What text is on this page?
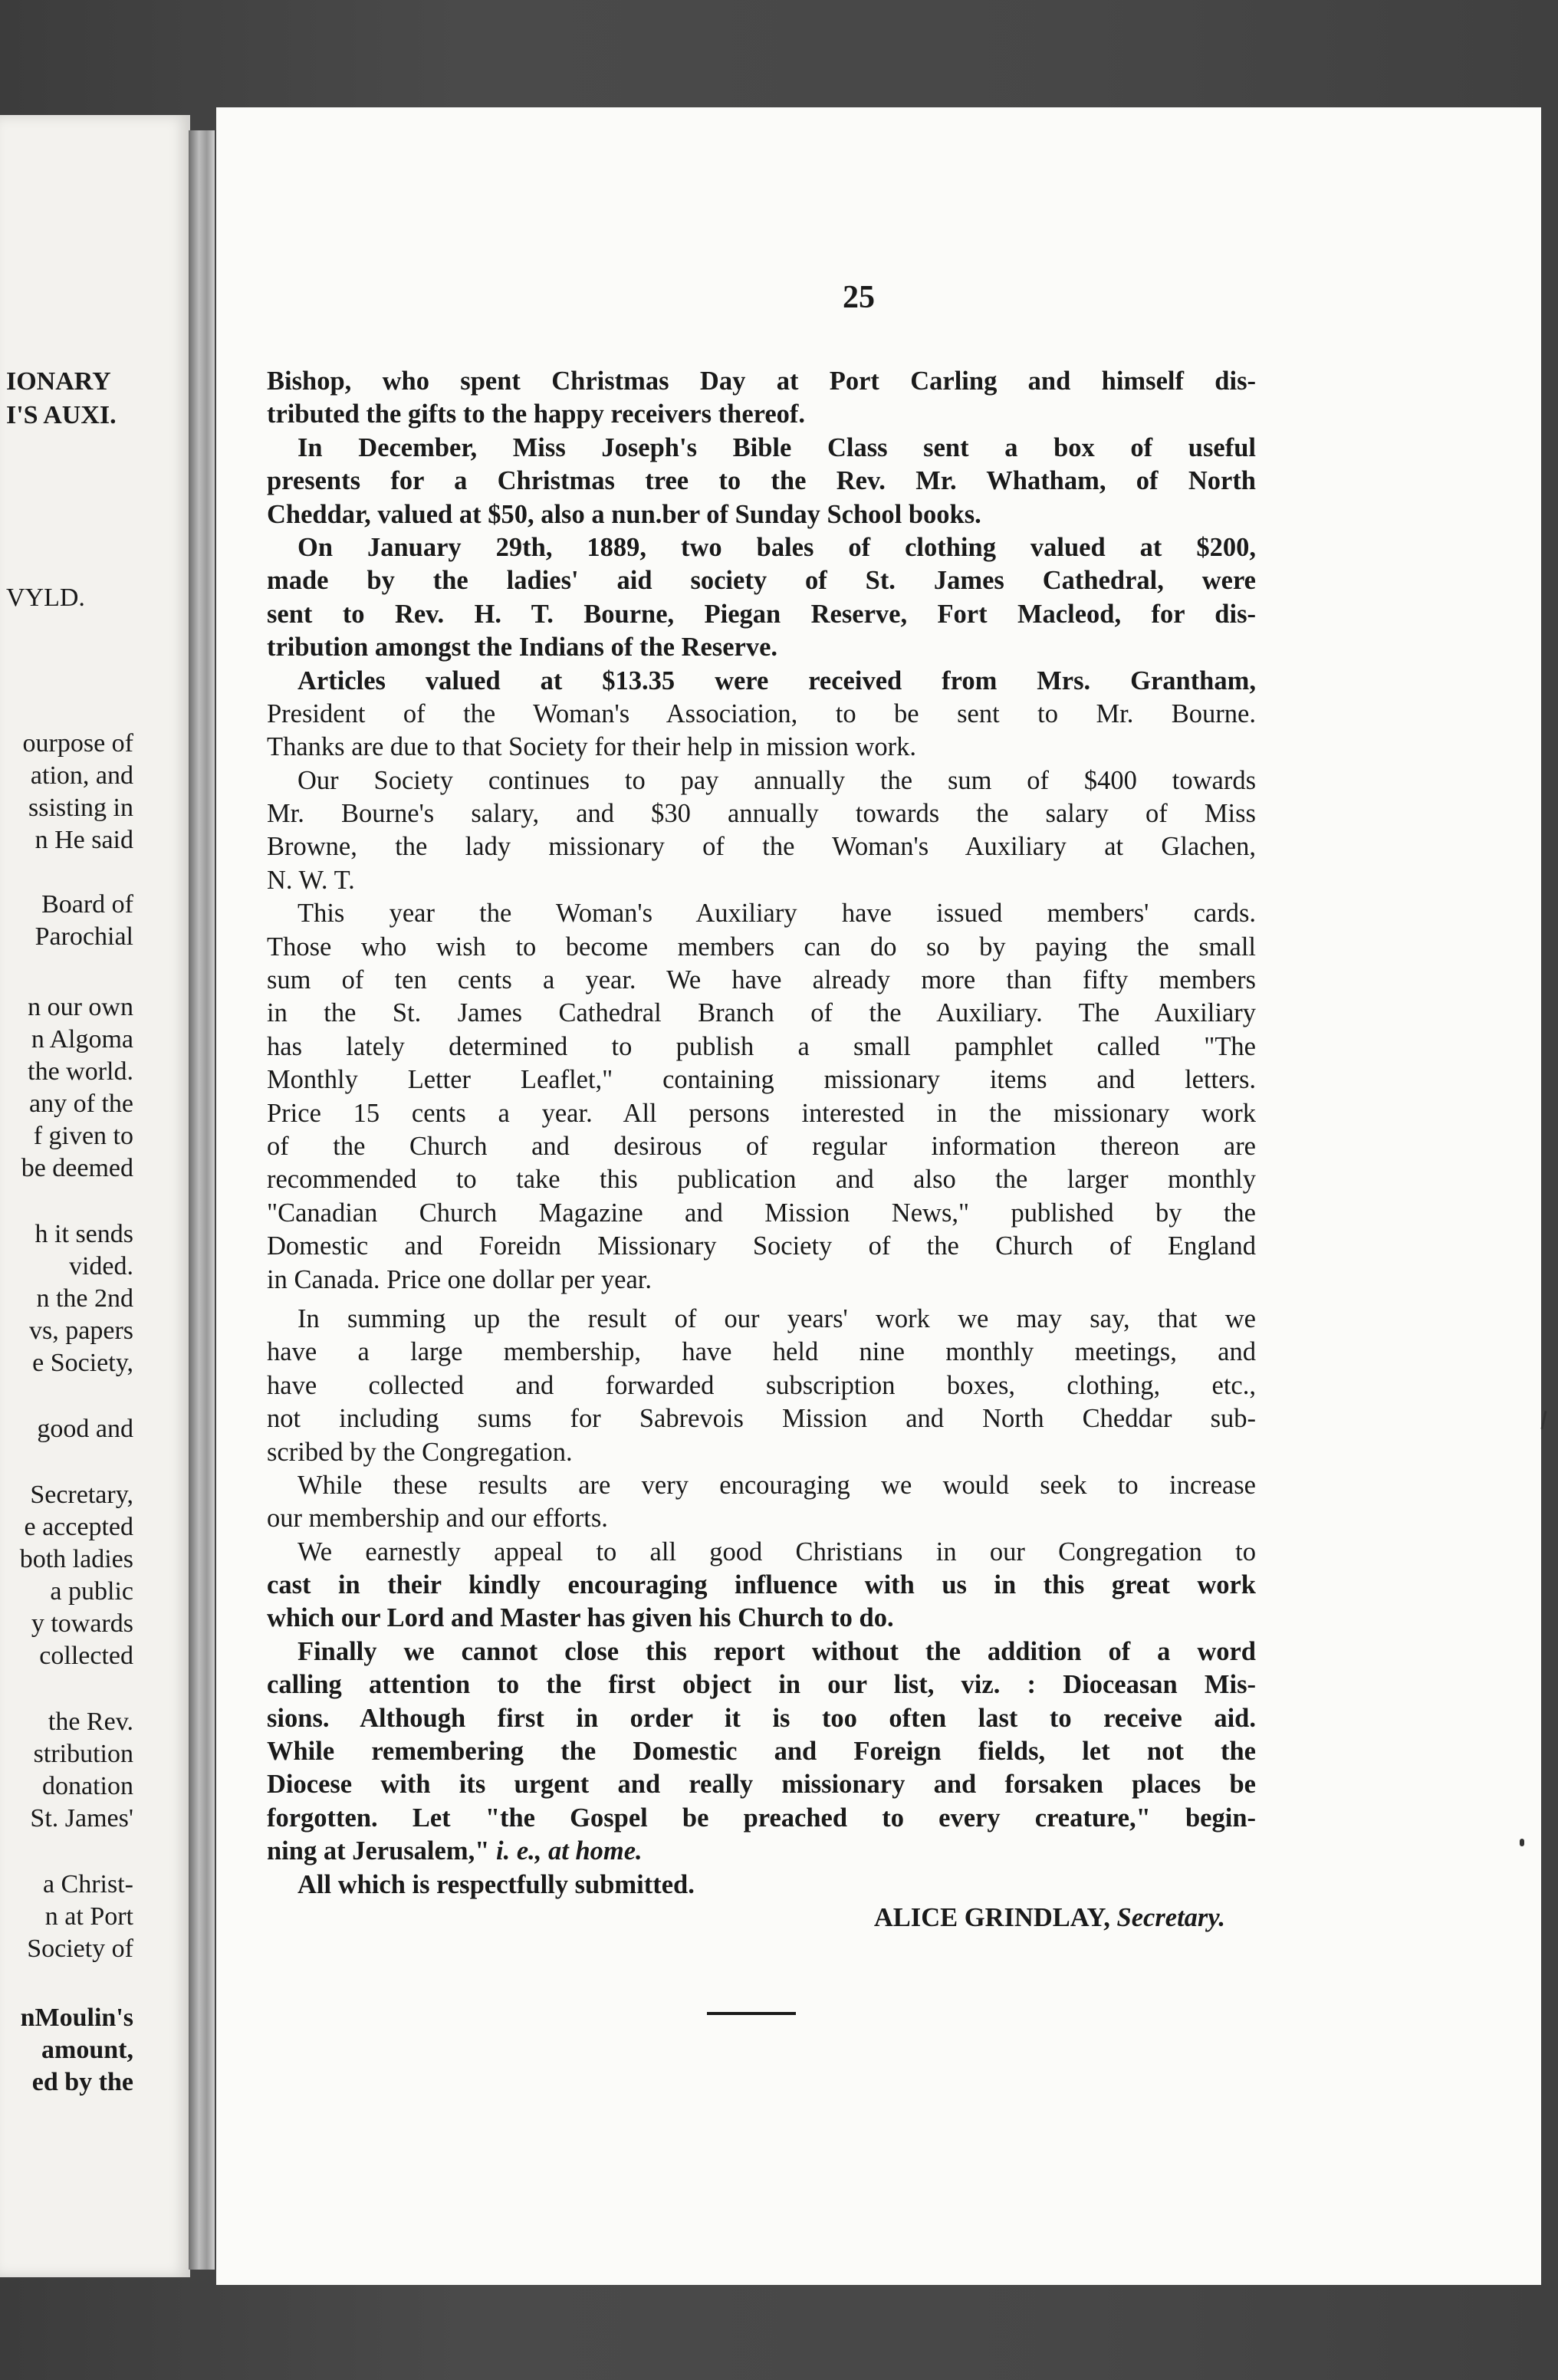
IONARY
I'S AUXI.
VYLD.
ourpose of
ation, and
ssisting in
n He said
Board of
Parochial
n our own
n Algoma
the world.
any of the
f given to
be deemed
h it sends
vided.
n the 2nd
vs, papers
e Society,
good and
Secretary,
e accepted
both ladies
a public
y towards
collected
the Rev.
stribution
donation
St. James'
a Christ-
n at Port
Society of
nMoulin's
amount,
ed by the
25
Bishop, who spent Christmas Day at Port Carling and himself dis-
tributed the gifts to the happy receivers thereof.
In December, Miss Joseph's Bible Class sent a box of useful
presents for a Christmas tree to the Rev. Mr. Whatham, of North
Cheddar, valued at $50, also a nun.ber of Sunday School books.
On January 29th, 1889, two bales of clothing valued at $200,
made by the ladies' aid society of St. James Cathedral, were
sent to Rev. H. T. Bourne, Piegan Reserve, Fort Macleod, for dis-
tribution amongst the Indians of the Reserve.
Articles valued at $13.35 were received from Mrs. Grantham,
President of the Woman's Association, to be sent to Mr. Bourne.
Thanks are due to that Society for their help in mission work.
Our Society continues to pay annually the sum of $400 towards
Mr. Bourne's salary, and $30 annually towards the salary of Miss
Browne, the lady missionary of the Woman's Auxiliary at Glachen,
N. W. T.
This year the Woman's Auxiliary have issued members' cards.
Those who wish to become members can do so by paying the small
sum of ten cents a year. We have already more than fifty members
in the St. James Cathedral Branch of the Auxiliary. The Auxiliary
has lately determined to publish a small pamphlet called "The
Monthly Letter Leaflet," containing missionary items and letters.
Price 15 cents a year. All persons interested in the missionary work
of the Church and desirous of regular information thereon are
recommended to take this publication and also the larger monthly
"Canadian Church Magazine and Mission News," published by the
Domestic and Foreidn Missionary Society of the Church of England
in Canada. Price one dollar per year.
In summing up the result of our years' work we may say, that we
have a large membership, have held nine monthly meetings, and
have collected and forwarded subscription boxes, clothing, etc.,
not including sums for Sabrevois Mission and North Cheddar sub-
scribed by the Congregation.
While these results are very encouraging we would seek to increase
our membership and our efforts.
We earnestly appeal to all good Christians in our Congregation to
cast in their kindly encouraging influence with us in this great work
which our Lord and Master has given his Church to do.
Finally we cannot close this report without the addition of a word
calling attention to the first object in our list, viz. : Dioceasan Mis-
sions. Although first in order it is too often last to receive aid.
While remembering the Domestic and Foreign fields, let not the
Diocese with its urgent and really missionary and forsaken places be
forgotten. Let "the Gospel be preached to every creature," begin-
ning at Jerusalem," i. e., at home.
All which is respectfully submitted.
ALICE GRINDLAY, Secretary.
